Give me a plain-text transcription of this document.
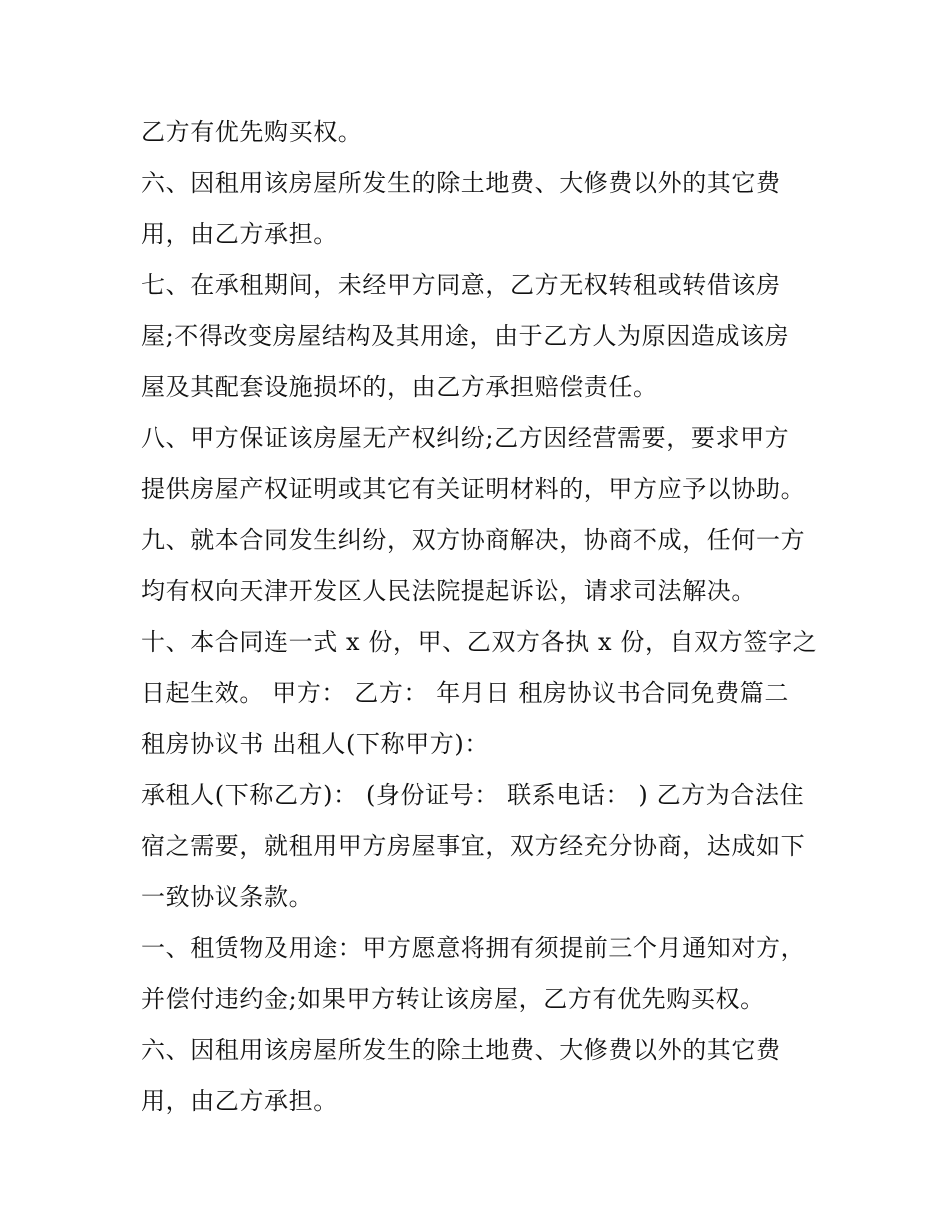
乙方有优先购买权。
六、因租用该房屋所发生的除土地费、大修费以外的其它费
用，由乙方承担。
七、在承租期间，未经甲方同意，乙方无权转租或转借该房
屋;不得改变房屋结构及其用途，由于乙方人为原因造成该房
屋及其配套设施损坏的，由乙方承担赔偿责任。
八、甲方保证该房屋无产权纠纷;乙方因经营需要，要求甲方
提供房屋产权证明或其它有关证明材料的，甲方应予以协助。
九、就本合同发生纠纷，双方协商解决，协商不成，任何一方
均有权向天津开发区人民法院提起诉讼，请求司法解决。
十、本合同连一式 x 份，甲、乙双方各执 x 份，自双方签字之
日起生效。 甲方： 乙方： 年月日 租房协议书合同免费篇二
租房协议书 出租人(下称甲方)：
承租人(下称乙方)： (身份证号： 联系电话： ) 乙方为合法住
宿之需要，就租用甲方房屋事宜，双方经充分协商，达成如下
一致协议条款。
一、租赁物及用途：甲方愿意将拥有须提前三个月通知对方，
并偿付违约金;如果甲方转让该房屋，乙方有优先购买权。
六、因租用该房屋所发生的除土地费、大修费以外的其它费
用，由乙方承担。
